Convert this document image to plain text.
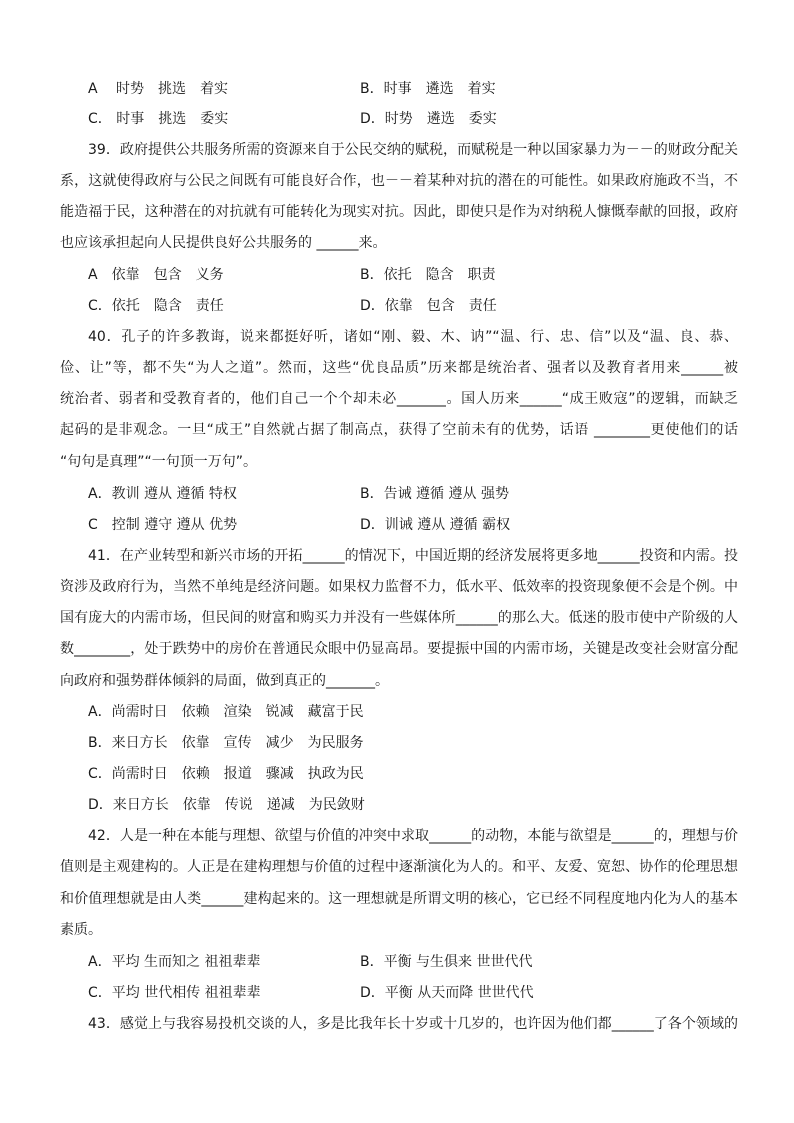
A　 时势　挑选　着实	B．时事　遴选　着实
C． 时事　挑选　委实	D．时势　遴选　委实
39．政府提供公共服务所需的资源来自于公民交纳的赋税，而赋税是一种以国家暴力为－－的财政分配关
系，这就使得政府与公民之间既有可能良好合作，也－－着某种对抗的潜在的可能性。如果政府施政不当，不
能造福于民，这种潜在的对抗就有可能转化为现实对抗。因此，即使只是作为对纳税人慷慨奉献的回报，政府
也应该承担起向人民提供良好公共服务的 ______来。
A　依靠　包含　义务	B．依托　隐含　职责
C．依托　隐含　责任	D．依靠　包含　责任
40．孔子的许多教诲，说来都挺好听，诸如“刚、毅、木、讷”“温、行、忠、信”以及“温、良、恭、
俭、让”等，都不失“为人之道”。然而，这些“优良品质”历来都是统治者、强者以及教育者用来______被
统治者、弱者和受教育者的，他们自己一个个却未必_______。国人历来______“成王败寇”的逻辑，而缺乏
起码的是非观念。一旦“成王”自然就占据了制高点，获得了空前未有的优势，话语 ________更使他们的话
“句句是真理”“一句顶一万句”。
A．教训 遵从 遵循 特权	B．告诫 遵循 遵从 强势
C　控制 遵守 遵从 优势	D．训诫 遵从 遵循 霸权
41．在产业转型和新兴市场的开拓______的情况下，中国近期的经济发展将更多地______投资和内需。投
资涉及政府行为，当然不单纯是经济问题。如果权力监督不力，低水平、低效率的投资现象便不会是个例。中
国有庞大的内需市场，但民间的财富和购买力并没有一些媒体所______的那么大。低迷的股市使中产阶级的人
数________，处于跌势中的房价在普通民众眼中仍显高昂。要提振中国的内需市场，关键是改变社会财富分配
向政府和强势群体倾斜的局面，做到真正的_______。
A．尚需时日　依赖　渲染　锐减　藏富于民
B．来日方长　依靠　宣传　减少　为民服务
C．尚需时日　依赖　报道　骤减　执政为民
D．来日方长　依靠　传说　递减　为民敛财
42．人是一种在本能与理想、欲望与价值的冲突中求取______的动物，本能与欲望是______的，理想与价
值则是主观建构的。人正是在建构理想与价值的过程中逐渐演化为人的。和平、友爱、宽恕、协作的伦理思想
和价值理想就是由人类______建构起来的。这一理想就是所谓文明的核心，它已经不同程度地内化为人的基本
素质。
A．平均 生而知之 祖祖辈辈	B．平衡 与生俱来 世世代代
C．平均 世代相传 祖祖辈辈	D．平衡 从天而降 世世代代
43．感觉上与我容易投机交谈的人，多是比我年长十岁或十几岁的，也许因为他们都______了各个领域的
